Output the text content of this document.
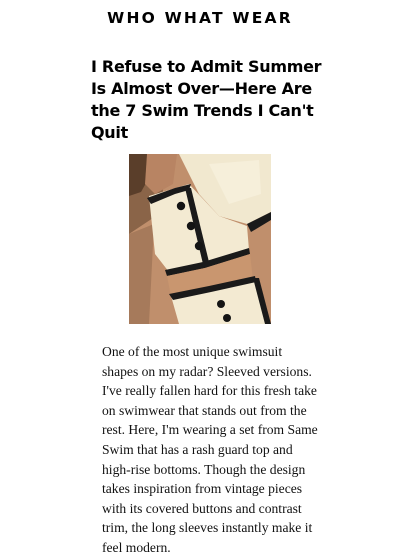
WHO WHAT WEAR
I Refuse to Admit Summer Is Almost Over—Here Are the 7 Swim Trends I Can't Quit

One of the most unique swimsuit shapes on my radar? Sleeved versions. I've really fallen hard for this fresh take on swimwear that stands out from the rest. Here, I'm wearing a set from Same Swim that has a rash guard top and high-rise bottoms. Though the design takes inspiration from vintage pieces with its covered buttons and contrast trim, the long sleeves instantly make it feel modern.
